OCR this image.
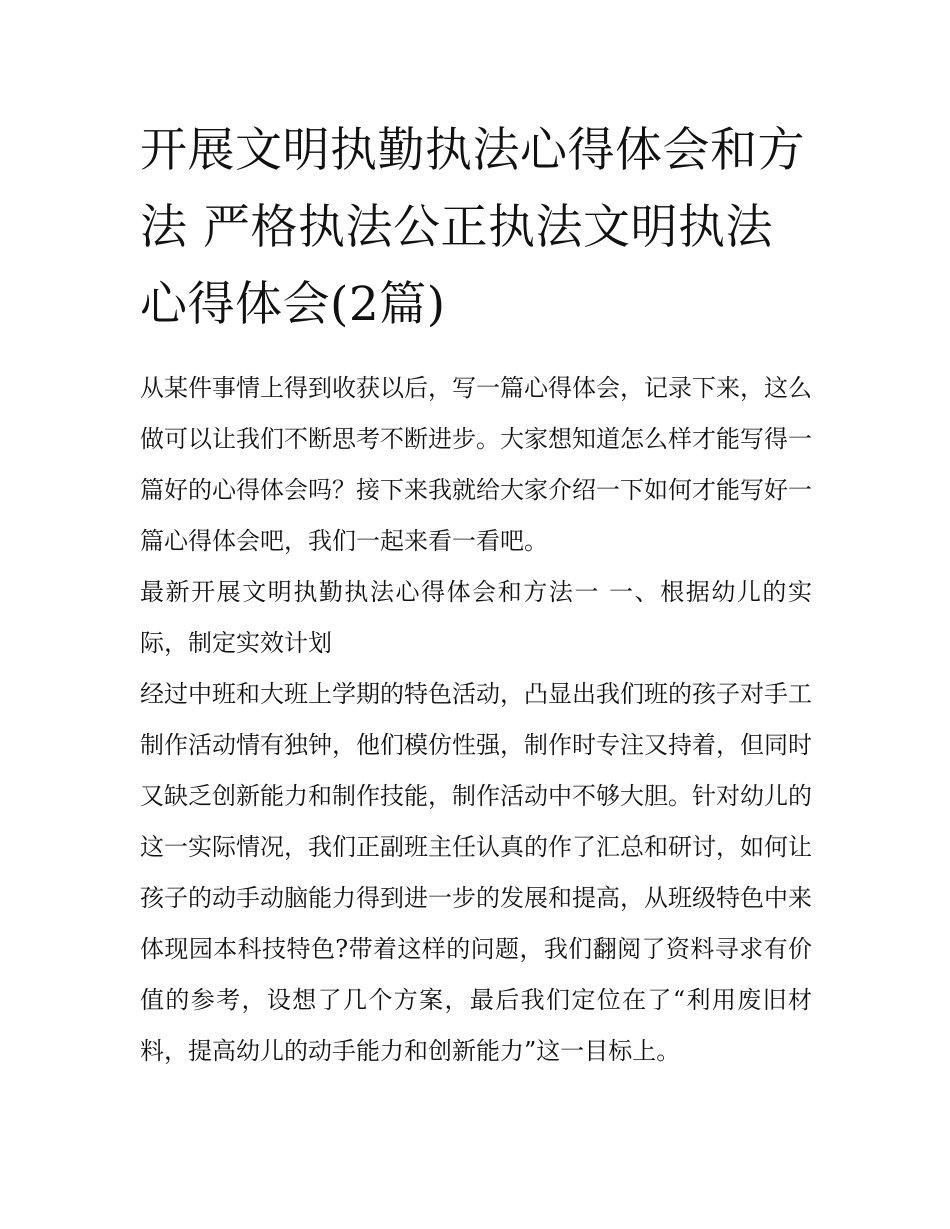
开展文明执勤执法心得体会和方法 严格执法公正执法文明执法心得体会(2篇)

从某件事情上得到收获以后，写一篇心得体会，记录下来，这么做可以让我们不断思考不断进步。大家想知道怎么样才能写得一篇好的心得体会吗？接下来我就给大家介绍一下如何才能写好一篇心得体会吧，我们一起来看一看吧。

最新开展文明执勤执法心得体会和方法一 一、根据幼儿的实际，制定实效计划

经过中班和大班上学期的特色活动，凸显出我们班的孩子对手工制作活动情有独钟，他们模仿性强，制作时专注又持着，但同时又缺乏创新能力和制作技能，制作活动中不够大胆。针对幼儿的这一实际情况，我们正副班主任认真的作了汇总和研讨，如何让孩子的动手动脑能力得到进一步的发展和提高，从班级特色中来体现园本科技特色?带着这样的问题，我们翻阅了资料寻求有价值的参考，设想了几个方案，最后我们定位在了“利用废旧材料，提高幼儿的动手能力和创新能力”这一目标上。
